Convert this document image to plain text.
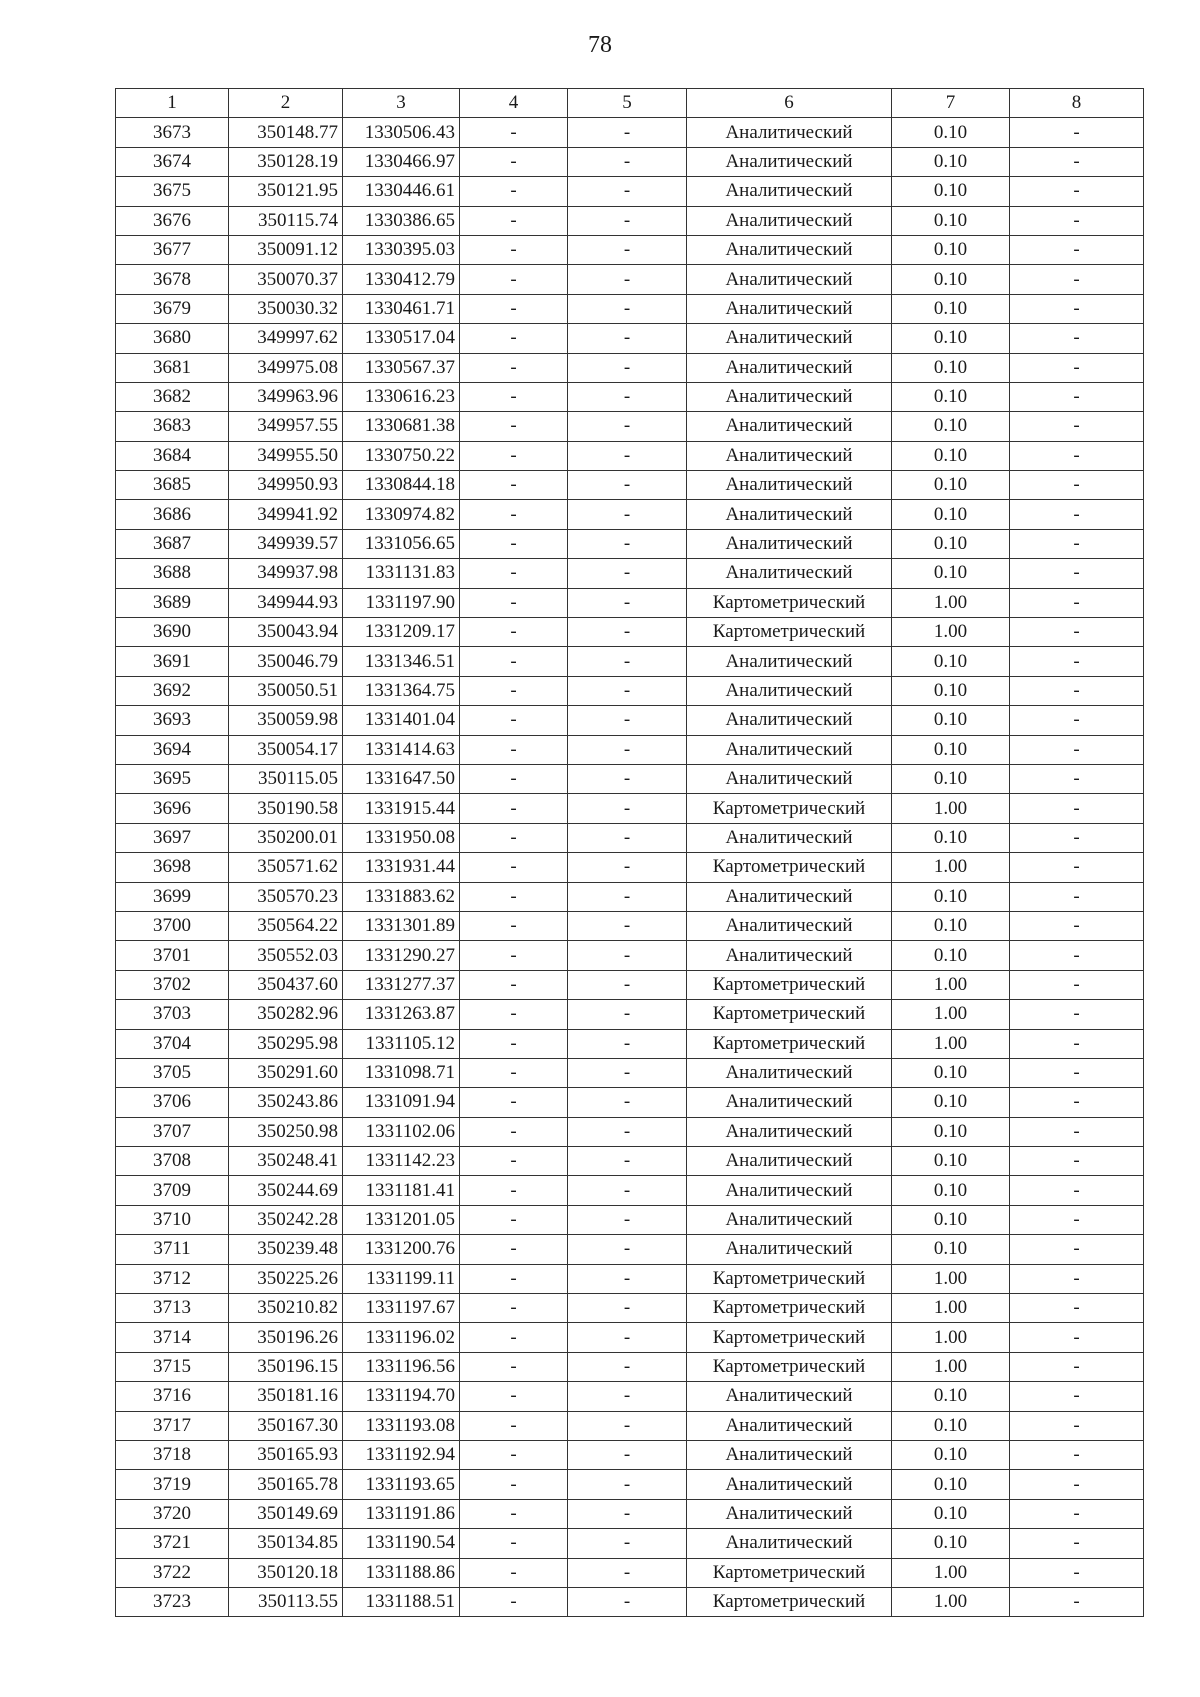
78
1	2	3	4	5	6	7	8
3673	350148.77	1330506.43	-	-	Аналитический	0.10	-
3674	350128.19	1330466.97	-	-	Аналитический	0.10	-
3675	350121.95	1330446.61	-	-	Аналитический	0.10	-
3676	350115.74	1330386.65	-	-	Аналитический	0.10	-
3677	350091.12	1330395.03	-	-	Аналитический	0.10	-
3678	350070.37	1330412.79	-	-	Аналитический	0.10	-
3679	350030.32	1330461.71	-	-	Аналитический	0.10	-
3680	349997.62	1330517.04	-	-	Аналитический	0.10	-
3681	349975.08	1330567.37	-	-	Аналитический	0.10	-
3682	349963.96	1330616.23	-	-	Аналитический	0.10	-
3683	349957.55	1330681.38	-	-	Аналитический	0.10	-
3684	349955.50	1330750.22	-	-	Аналитический	0.10	-
3685	349950.93	1330844.18	-	-	Аналитический	0.10	-
3686	349941.92	1330974.82	-	-	Аналитический	0.10	-
3687	349939.57	1331056.65	-	-	Аналитический	0.10	-
3688	349937.98	1331131.83	-	-	Аналитический	0.10	-
3689	349944.93	1331197.90	-	-	Картометрический	1.00	-
3690	350043.94	1331209.17	-	-	Картометрический	1.00	-
3691	350046.79	1331346.51	-	-	Аналитический	0.10	-
3692	350050.51	1331364.75	-	-	Аналитический	0.10	-
3693	350059.98	1331401.04	-	-	Аналитический	0.10	-
3694	350054.17	1331414.63	-	-	Аналитический	0.10	-
3695	350115.05	1331647.50	-	-	Аналитический	0.10	-
3696	350190.58	1331915.44	-	-	Картометрический	1.00	-
3697	350200.01	1331950.08	-	-	Аналитический	0.10	-
3698	350571.62	1331931.44	-	-	Картометрический	1.00	-
3699	350570.23	1331883.62	-	-	Аналитический	0.10	-
3700	350564.22	1331301.89	-	-	Аналитический	0.10	-
3701	350552.03	1331290.27	-	-	Аналитический	0.10	-
3702	350437.60	1331277.37	-	-	Картометрический	1.00	-
3703	350282.96	1331263.87	-	-	Картометрический	1.00	-
3704	350295.98	1331105.12	-	-	Картометрический	1.00	-
3705	350291.60	1331098.71	-	-	Аналитический	0.10	-
3706	350243.86	1331091.94	-	-	Аналитический	0.10	-
3707	350250.98	1331102.06	-	-	Аналитический	0.10	-
3708	350248.41	1331142.23	-	-	Аналитический	0.10	-
3709	350244.69	1331181.41	-	-	Аналитический	0.10	-
3710	350242.28	1331201.05	-	-	Аналитический	0.10	-
3711	350239.48	1331200.76	-	-	Аналитический	0.10	-
3712	350225.26	1331199.11	-	-	Картометрический	1.00	-
3713	350210.82	1331197.67	-	-	Картометрический	1.00	-
3714	350196.26	1331196.02	-	-	Картометрический	1.00	-
3715	350196.15	1331196.56	-	-	Картометрический	1.00	-
3716	350181.16	1331194.70	-	-	Аналитический	0.10	-
3717	350167.30	1331193.08	-	-	Аналитический	0.10	-
3718	350165.93	1331192.94	-	-	Аналитический	0.10	-
3719	350165.78	1331193.65	-	-	Аналитический	0.10	-
3720	350149.69	1331191.86	-	-	Аналитический	0.10	-
3721	350134.85	1331190.54	-	-	Аналитический	0.10	-
3722	350120.18	1331188.86	-	-	Картометрический	1.00	-
3723	350113.55	1331188.51	-	-	Картометрический	1.00	-
